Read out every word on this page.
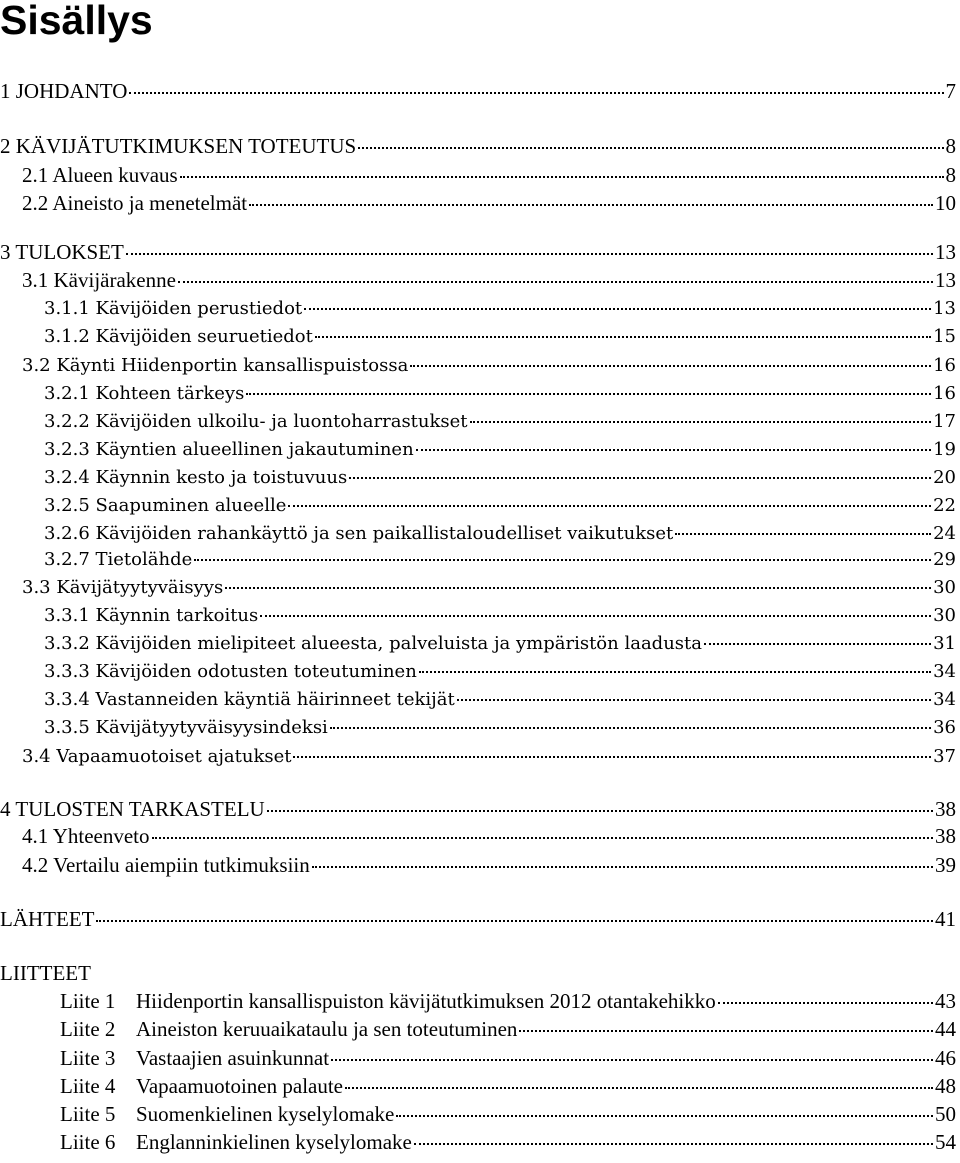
Sisällys
1 JOHDANTO	7
2 KÄVIJÄTUTKIMUKSEN TOTEUTUS	8
2.1 Alueen kuvaus	8
2.2 Aineisto ja menetelmät	10
3 TULOKSET	13
3.1 Kävijärakenne	13
3.1.1 Kävijöiden perustiedot	13
3.1.2 Kävijöiden seuruetiedot	15
3.2 Käynti Hiidenportin kansallispuistossa	16
3.2.1 Kohteen tärkeys	16
3.2.2 Kävijöiden ulkoilu- ja luontoharrastukset	17
3.2.3 Käyntien alueellinen jakautuminen	19
3.2.4 Käynnin kesto ja toistuvuus	20
3.2.5 Saapuminen alueelle	22
3.2.6 Kävijöiden rahankäyttö ja sen paikallistaloudelliset vaikutukset	24
3.2.7 Tietolähde	29
3.3 Kävijätyytyväisyys	30
3.3.1 Käynnin tarkoitus	30
3.3.2 Kävijöiden mielipiteet alueesta, palveluista ja ympäristön laadusta	31
3.3.3 Kävijöiden odotusten toteutuminen	34
3.3.4 Vastanneiden käyntiä häirinneet tekijät	34
3.3.5 Kävijätyytyväisyysindeksi	36
3.4 Vapaamuotoiset ajatukset	37
4 TULOSTEN TARKASTELU	38
4.1 Yhteenveto	38
4.2 Vertailu aiempiin tutkimuksiin	39
LÄHTEET	41
LIITTEET
Liite 1 Hiidenportin kansallispuiston kävijätutkimuksen 2012 otantakehikko	43
Liite 2 Aineiston keruuaikataulu ja sen toteutuminen	44
Liite 3 Vastaajien asuinkunnat	46
Liite 4 Vapaamuotoinen palaute	48
Liite 5 Suomenkielinen kyselylomake	50
Liite 6 Englanninkielinen kyselylomake	54
